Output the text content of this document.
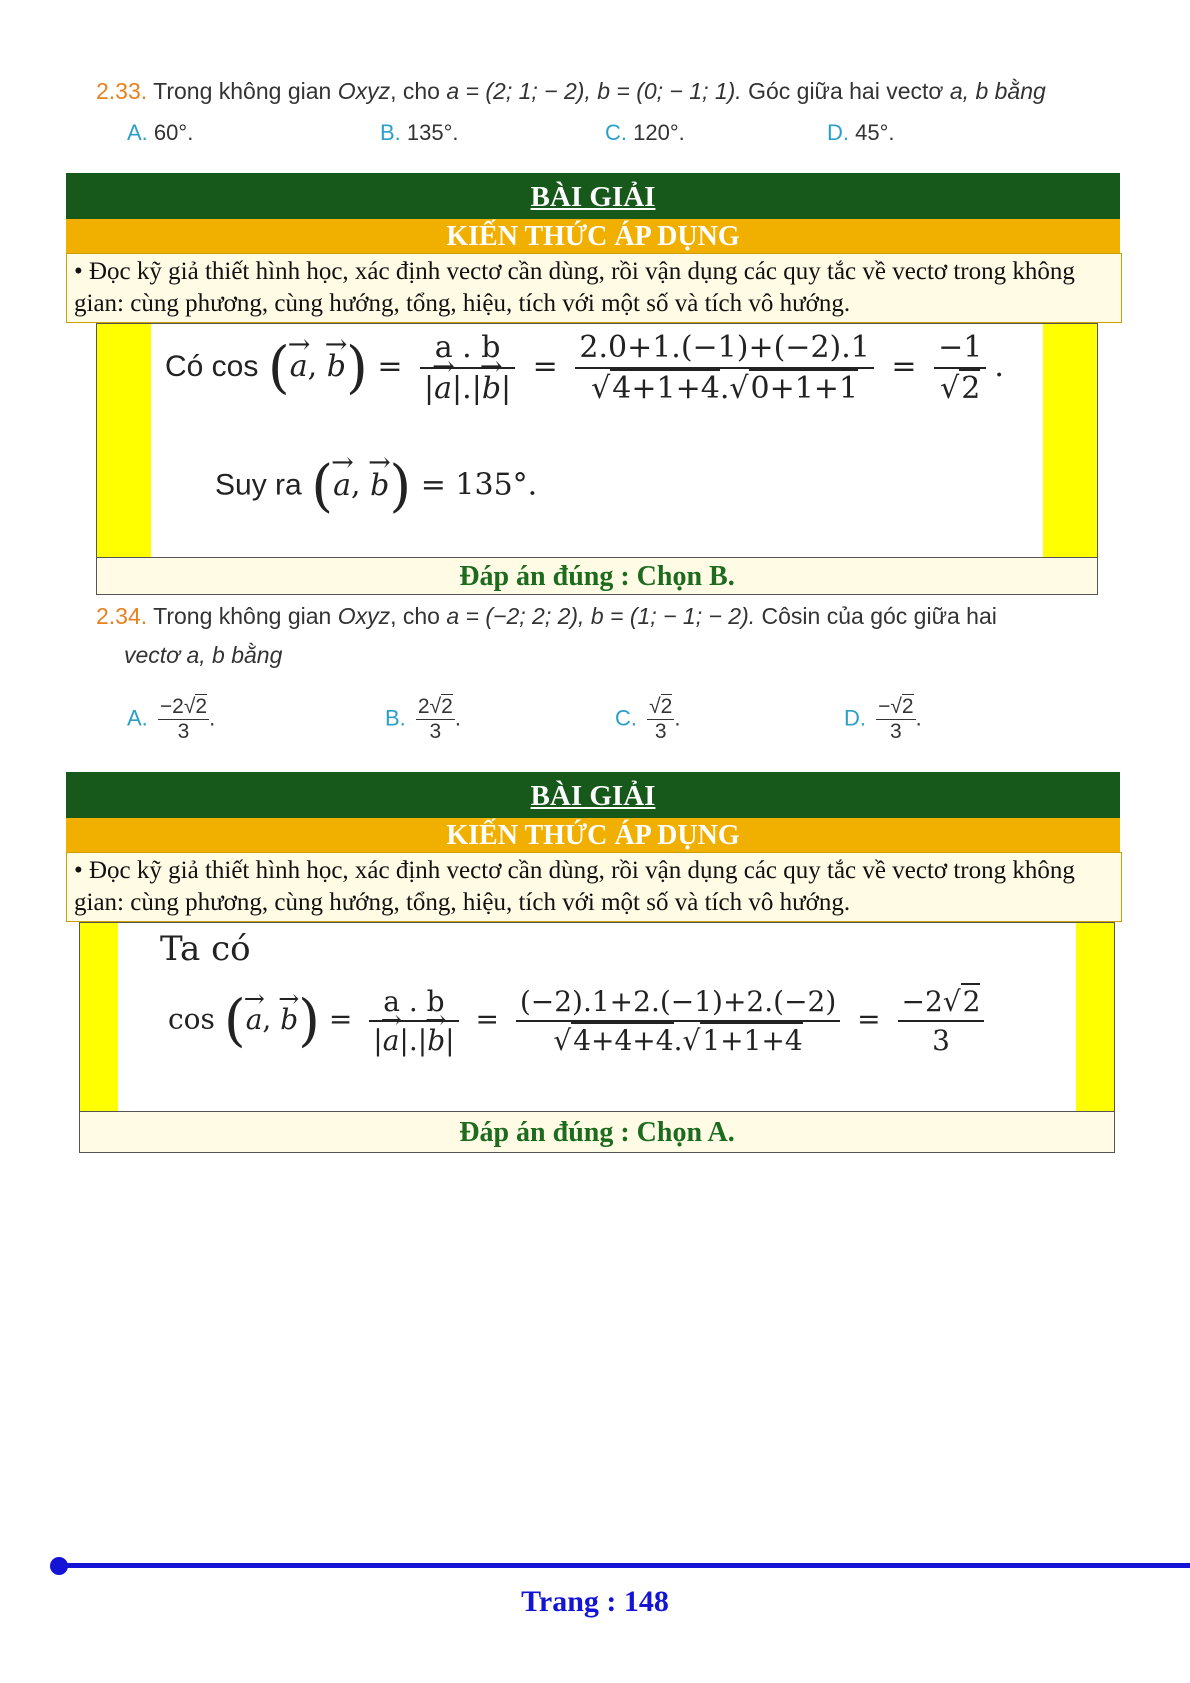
2.33. Trong không gian Oxyz, cho a = (2; 1; − 2), b = (0; − 1; 1). Góc giữa hai vectơ a, b bằng
A. 60°.	B. 135°.	C. 120°.	D. 45°.
BÀI GIẢI
KIẾN THỨC ÁP DỤNG
• Đọc kỹ giả thiết hình học, xác định vectơ cần dùng, rồi vận dụng các quy tắc về vectơ trong không gian: cùng phương, cùng hướng, tổng, hiệu, tích với một số và tích vô hướng.
Có cos (→ a, → $b) = \frac{a . b}{|\to a|.|\to b|} = \frac{2.0+1.(-1)+(-2).1}{√4+1+4.√0+1+1} = \frac{-1}{√2}$ .
Suy ra (→ a, → b) = 135°.
Đáp án đúng : Chọn B.
2.34. Trong không gian Oxyz, cho a = (−2; 2; 2), b = (1; − 1; − 2). Côsin của góc giữa hai
vectơ a, b bằng
A. $\frac{-2√2}{3}$ .	B. $\frac{2√2}{3}$ .	C. $\frac{√2}{3}$ .	D. $\frac{-√2}{3}$ .
BÀI GIẢI
KIẾN THỨC ÁP DỤNG
• Đọc kỹ giả thiết hình học, xác định vectơ cần dùng, rồi vận dụng các quy tắc về vectơ trong không gian: cùng phương, cùng hướng, tổng, hiệu, tích với một số và tích vô hướng.
Ta có
cos (→ a, → $b) = \frac{a . b}{|\to a|.|\to b|} = \frac{(-2).1+2.(-1)+2.(-2)}{√4+4+4.√1+1+4} = \frac{-2√2}{3}$
Đáp án đúng : Chọn A.
Trang : 148
